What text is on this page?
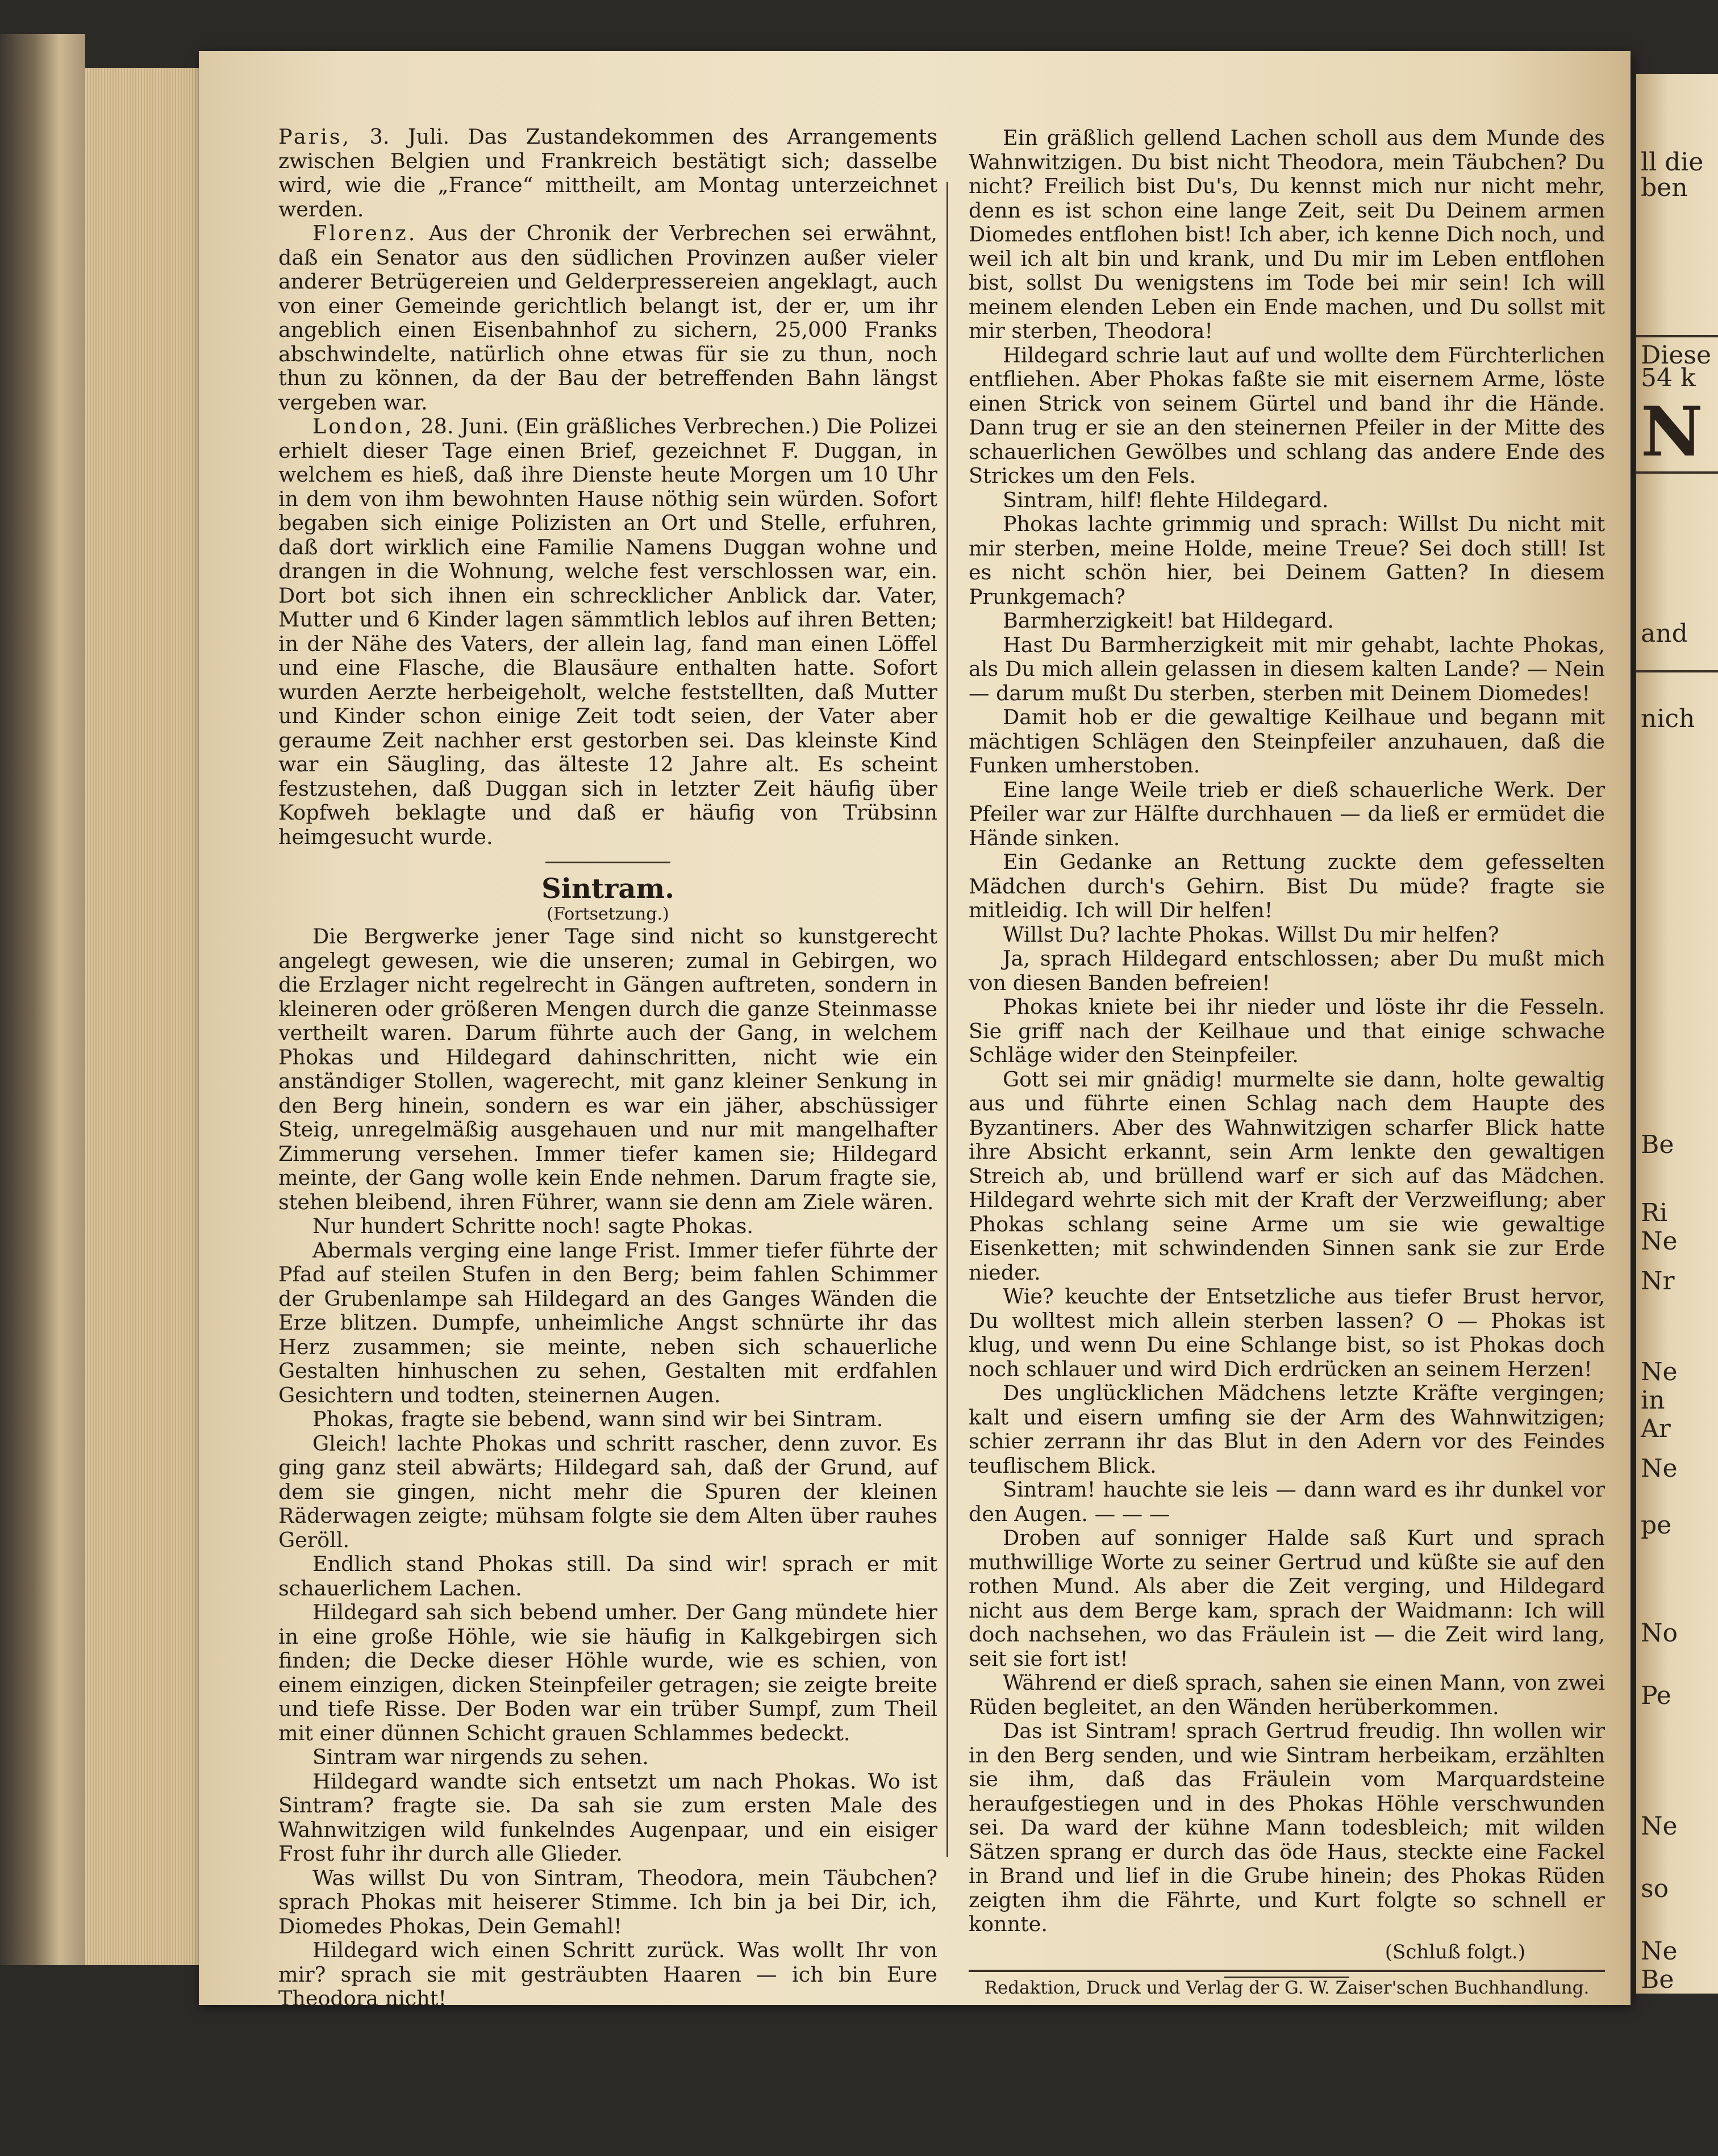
Paris, 3. Juli. Das Zustandekommen des Arrangements zwischen Belgien und Frankreich bestätigt sich; dasselbe wird, wie die „France“ mittheilt, am Montag unterzeichnet werden.

Florenz. Aus der Chronik der Verbrechen sei erwähnt, daß ein Senator aus den südlichen Provinzen außer vieler anderer Betrügereien und Gelderpressereien angeklagt, auch von einer Gemeinde gerichtlich belangt ist, der er, um ihr angeblich einen Eisenbahnhof zu sichern, 25,000 Franks abschwindelte, natürlich ohne etwas für sie zu thun, noch thun zu können, da der Bau der betreffenden Bahn längst vergeben war.

London, 28. Juni. (Ein gräßliches Verbrechen.) Die Polizei erhielt dieser Tage einen Brief, gezeichnet F. Duggan, in welchem es hieß, daß ihre Dienste heute Morgen um 10 Uhr in dem von ihm bewohnten Hause nöthig sein würden. Sofort begaben sich einige Polizisten an Ort und Stelle, erfuhren, daß dort wirklich eine Familie Namens Duggan wohne und drangen in die Wohnung, welche fest verschlossen war, ein. Dort bot sich ihnen ein schrecklicher Anblick dar. Vater, Mutter und 6 Kinder lagen sämmtlich leblos auf ihren Betten; in der Nähe des Vaters, der allein lag, fand man einen Löffel und eine Flasche, die Blausäure enthalten hatte. Sofort wurden Aerzte herbeigeholt, welche feststellten, daß Mutter und Kinder schon einige Zeit todt seien, der Vater aber geraume Zeit nachher erst gestorben sei. Das kleinste Kind war ein Säugling, das älteste 12 Jahre alt. Es scheint festzustehen, daß Duggan sich in letzter Zeit häufig über Kopfweh beklagte und daß er häufig von Trübsinn heimgesucht wurde.

Sintram.
(Fortsetzung.)

Die Bergwerke jener Tage sind nicht so kunstgerecht angelegt gewesen, wie die unseren; zumal in Gebirgen, wo die Erzlager nicht regelrecht in Gängen auftreten, sondern in kleineren oder größeren Mengen durch die ganze Steinmasse vertheilt waren. Darum führte auch der Gang, in welchem Phokas und Hildegard dahinschritten, nicht wie ein anständiger Stollen, wagerecht, mit ganz kleiner Senkung in den Berg hinein, sondern es war ein jäher, abschüssiger Steig, unregelmäßig ausgehauen und nur mit mangelhafter Zimmerung versehen. Immer tiefer kamen sie; Hildegard meinte, der Gang wolle kein Ende nehmen. Darum fragte sie, stehen bleibend, ihren Führer, wann sie denn am Ziele wären.

Nur hundert Schritte noch! sagte Phokas.

Abermals verging eine lange Frist. Immer tiefer führte der Pfad auf steilen Stufen in den Berg; beim fahlen Schimmer der Grubenlampe sah Hildegard an des Ganges Wänden die Erze blitzen. Dumpfe, unheimliche Angst schnürte ihr das Herz zusammen; sie meinte, neben sich schauerliche Gestalten hinhuschen zu sehen, Gestalten mit erdfahlen Gesichtern und todten, steinernen Augen.

Phokas, fragte sie bebend, wann sind wir bei Sintram.

Gleich! lachte Phokas und schritt rascher, denn zuvor. Es ging ganz steil abwärts; Hildegard sah, daß der Grund, auf dem sie gingen, nicht mehr die Spuren der kleinen Räderwagen zeigte; mühsam folgte sie dem Alten über rauhes Geröll.

Endlich stand Phokas still. Da sind wir! sprach er mit schauerlichem Lachen.

Hildegard sah sich bebend umher. Der Gang mündete hier in eine große Höhle, wie sie häufig in Kalkgebirgen sich finden; die Decke dieser Höhle wurde, wie es schien, von einem einzigen, dicken Steinpfeiler getragen; sie zeigte breite und tiefe Risse. Der Boden war ein trüber Sumpf, zum Theil mit einer dünnen Schicht grauen Schlammes bedeckt.

Sintram war nirgends zu sehen.

Hildegard wandte sich entsetzt um nach Phokas. Wo ist Sintram? fragte sie. Da sah sie zum ersten Male des Wahnwitzigen wild funkelndes Augenpaar, und ein eisiger Frost fuhr ihr durch alle Glieder.

Was willst Du von Sintram, Theodora, mein Täubchen? sprach Phokas mit heiserer Stimme. Ich bin ja bei Dir, ich, Diomedes Phokas, Dein Gemahl!

Hildegard wich einen Schritt zurück. Was wollt Ihr von mir? sprach sie mit gesträubten Haaren — ich bin Eure Theodora nicht!

Ein gräßlich gellend Lachen scholl aus dem Munde des Wahnwitzigen. Du bist nicht Theodora, mein Täubchen? Du nicht? Freilich bist Du's, Du kennst mich nur nicht mehr, denn es ist schon eine lange Zeit, seit Du Deinem armen Diomedes entflohen bist! Ich aber, ich kenne Dich noch, und weil ich alt bin und krank, und Du mir im Leben entflohen bist, sollst Du wenigstens im Tode bei mir sein! Ich will meinem elenden Leben ein Ende machen, und Du sollst mit mir sterben, Theodora!

Hildegard schrie laut auf und wollte dem Fürchterlichen entfliehen. Aber Phokas faßte sie mit eisernem Arme, löste einen Strick von seinem Gürtel und band ihr die Hände. Dann trug er sie an den steinernen Pfeiler in der Mitte des schauerlichen Gewölbes und schlang das andere Ende des Strickes um den Fels.

Sintram, hilf! flehte Hildegard.

Phokas lachte grimmig und sprach: Willst Du nicht mit mir sterben, meine Holde, meine Treue? Sei doch still! Ist es nicht schön hier, bei Deinem Gatten? In diesem Prunkgemach?

Barmherzigkeit! bat Hildegard.

Hast Du Barmherzigkeit mit mir gehabt, lachte Phokas, als Du mich allein gelassen in diesem kalten Lande? — Nein — darum mußt Du sterben, sterben mit Deinem Diomedes!

Damit hob er die gewaltige Keilhaue und begann mit mächtigen Schlägen den Steinpfeiler anzuhauen, daß die Funken umherstoben.

Eine lange Weile trieb er dieß schauerliche Werk. Der Pfeiler war zur Hälfte durchhauen — da ließ er ermüdet die Hände sinken.

Ein Gedanke an Rettung zuckte dem gefesselten Mädchen durch's Gehirn. Bist Du müde? fragte sie mitleidig. Ich will Dir helfen!

Willst Du? lachte Phokas. Willst Du mir helfen?

Ja, sprach Hildegard entschlossen; aber Du mußt mich von diesen Banden befreien!

Phokas kniete bei ihr nieder und löste ihr die Fesseln. Sie griff nach der Keilhaue und that einige schwache Schläge wider den Steinpfeiler.

Gott sei mir gnädig! murmelte sie dann, holte gewaltig aus und führte einen Schlag nach dem Haupte des Byzantiners. Aber des Wahnwitzigen scharfer Blick hatte ihre Absicht erkannt, sein Arm lenkte den gewaltigen Streich ab, und brüllend warf er sich auf das Mädchen. Hildegard wehrte sich mit der Kraft der Verzweiflung; aber Phokas schlang seine Arme um sie wie gewaltige Eisenketten; mit schwindenden Sinnen sank sie zur Erde nieder.

Wie? keuchte der Entsetzliche aus tiefer Brust hervor, Du wolltest mich allein sterben lassen? O — Phokas ist klug, und wenn Du eine Schlange bist, so ist Phokas doch noch schlauer und wird Dich erdrücken an seinem Herzen!

Des unglücklichen Mädchens letzte Kräfte vergingen; kalt und eisern umfing sie der Arm des Wahnwitzigen; schier zerrann ihr das Blut in den Adern vor des Feindes teuflischem Blick.

Sintram! hauchte sie leis — dann ward es ihr dunkel vor den Augen. — — —

Droben auf sonniger Halde saß Kurt und sprach muthwillige Worte zu seiner Gertrud und küßte sie auf den rothen Mund. Als aber die Zeit verging, und Hildegard nicht aus dem Berge kam, sprach der Waidmann: Ich will doch nachsehen, wo das Fräulein ist — die Zeit wird lang, seit sie fort ist!

Während er dieß sprach, sahen sie einen Mann, von zwei Rüden begleitet, an den Wänden herüberkommen.

Das ist Sintram! sprach Gertrud freudig. Ihn wollen wir in den Berg senden, und wie Sintram herbeikam, erzählten sie ihm, daß das Fräulein vom Marquardsteine heraufgestiegen und in des Phokas Höhle verschwunden sei. Da ward der kühne Mann todesbleich; mit wilden Sätzen sprang er durch das öde Haus, steckte eine Fackel in Brand und lief in die Grube hinein; des Phokas Rüden zeigten ihm die Fährte, und Kurt folgte so schnell er konnte.

(Schluß folgt.)
Redaktion, Druck und Verlag der G. W. Zaiser'schen Buchhandlung.
ll die
ben
Diese
54 k
N
and
nich
Be
Ri
Ne
Nr
Ne
in
Ar
Ne
pe
No
Pe
Ne
so
Ne
Be
